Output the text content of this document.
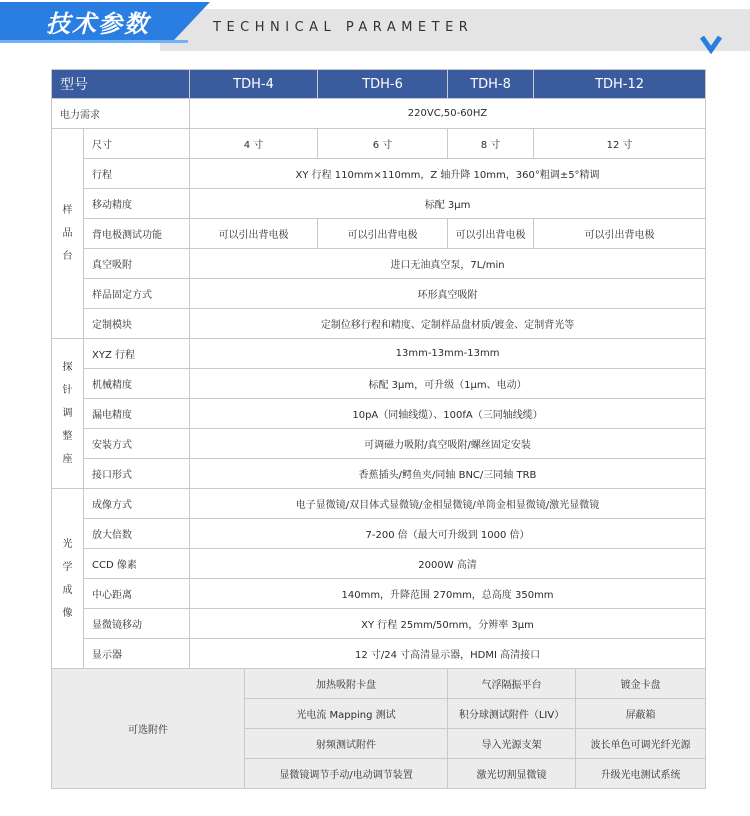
技术参数	TECHNICAL PARAMETER
型号		TDH-4		TDH-6	TDH-8	TDH-12	
电力需求		220VC,50-60HZ					

样
品
台	尺寸	4 寸		6 寸	8 寸	12 寸	
	行程	XY 行程 110mm×110mm，Z 轴升降 10mm，360°粗调±5°精调					
	移动精度	标配 3μm					
	背电极测试功能	可以引出背电极		可以引出背电极	可以引出背电极	可以引出背电极	
	真空吸附	进口无油真空泵，7L/min					
	样品固定方式	环形真空吸附					
	定制模块	定制位移行程和精度、定制样品盘材质/镀金、定制背光等					

探
针
调
整
座	XYZ 行程	13mm-13mm-13mm					
	机械精度	标配 3μm，可升级（1μm、电动）					
	漏电精度	10pA（同轴线缆）、100fA（三同轴线缆）					
	安装方式	可调磁力吸附/真空吸附/螺丝固定安装					
	接口形式	香蕉插头/鳄鱼夹/同轴 BNC/三同轴 TRB					

光
学
成
像	成像方式	电子显微镜/双目体式显微镜/金相显微镜/单筒金相显微镜/激光显微镜					
	放大倍数	7-200 倍（最大可升级到 1000 倍）					
	CCD 像素	2000W 高清					
	中心距离	140mm，升降范围 270mm，总高度 350mm					
	显微镜移动	XY 行程 25mm/50mm，分辨率 3μm					
	显示器	12 寸/24 寸高清显示器，HDMI 高清接口					
可选附件			加热吸附卡盘		气浮隔振平台		镀金卡盘
			光电流 Mapping 测试		积分球测试附件（LIV）		屏蔽箱
			射频测试附件		导入光源支架		波长单色可调光纤光源
			显微镜调节手动/电动调节装置		激光切割显微镜		升级光电测试系统
